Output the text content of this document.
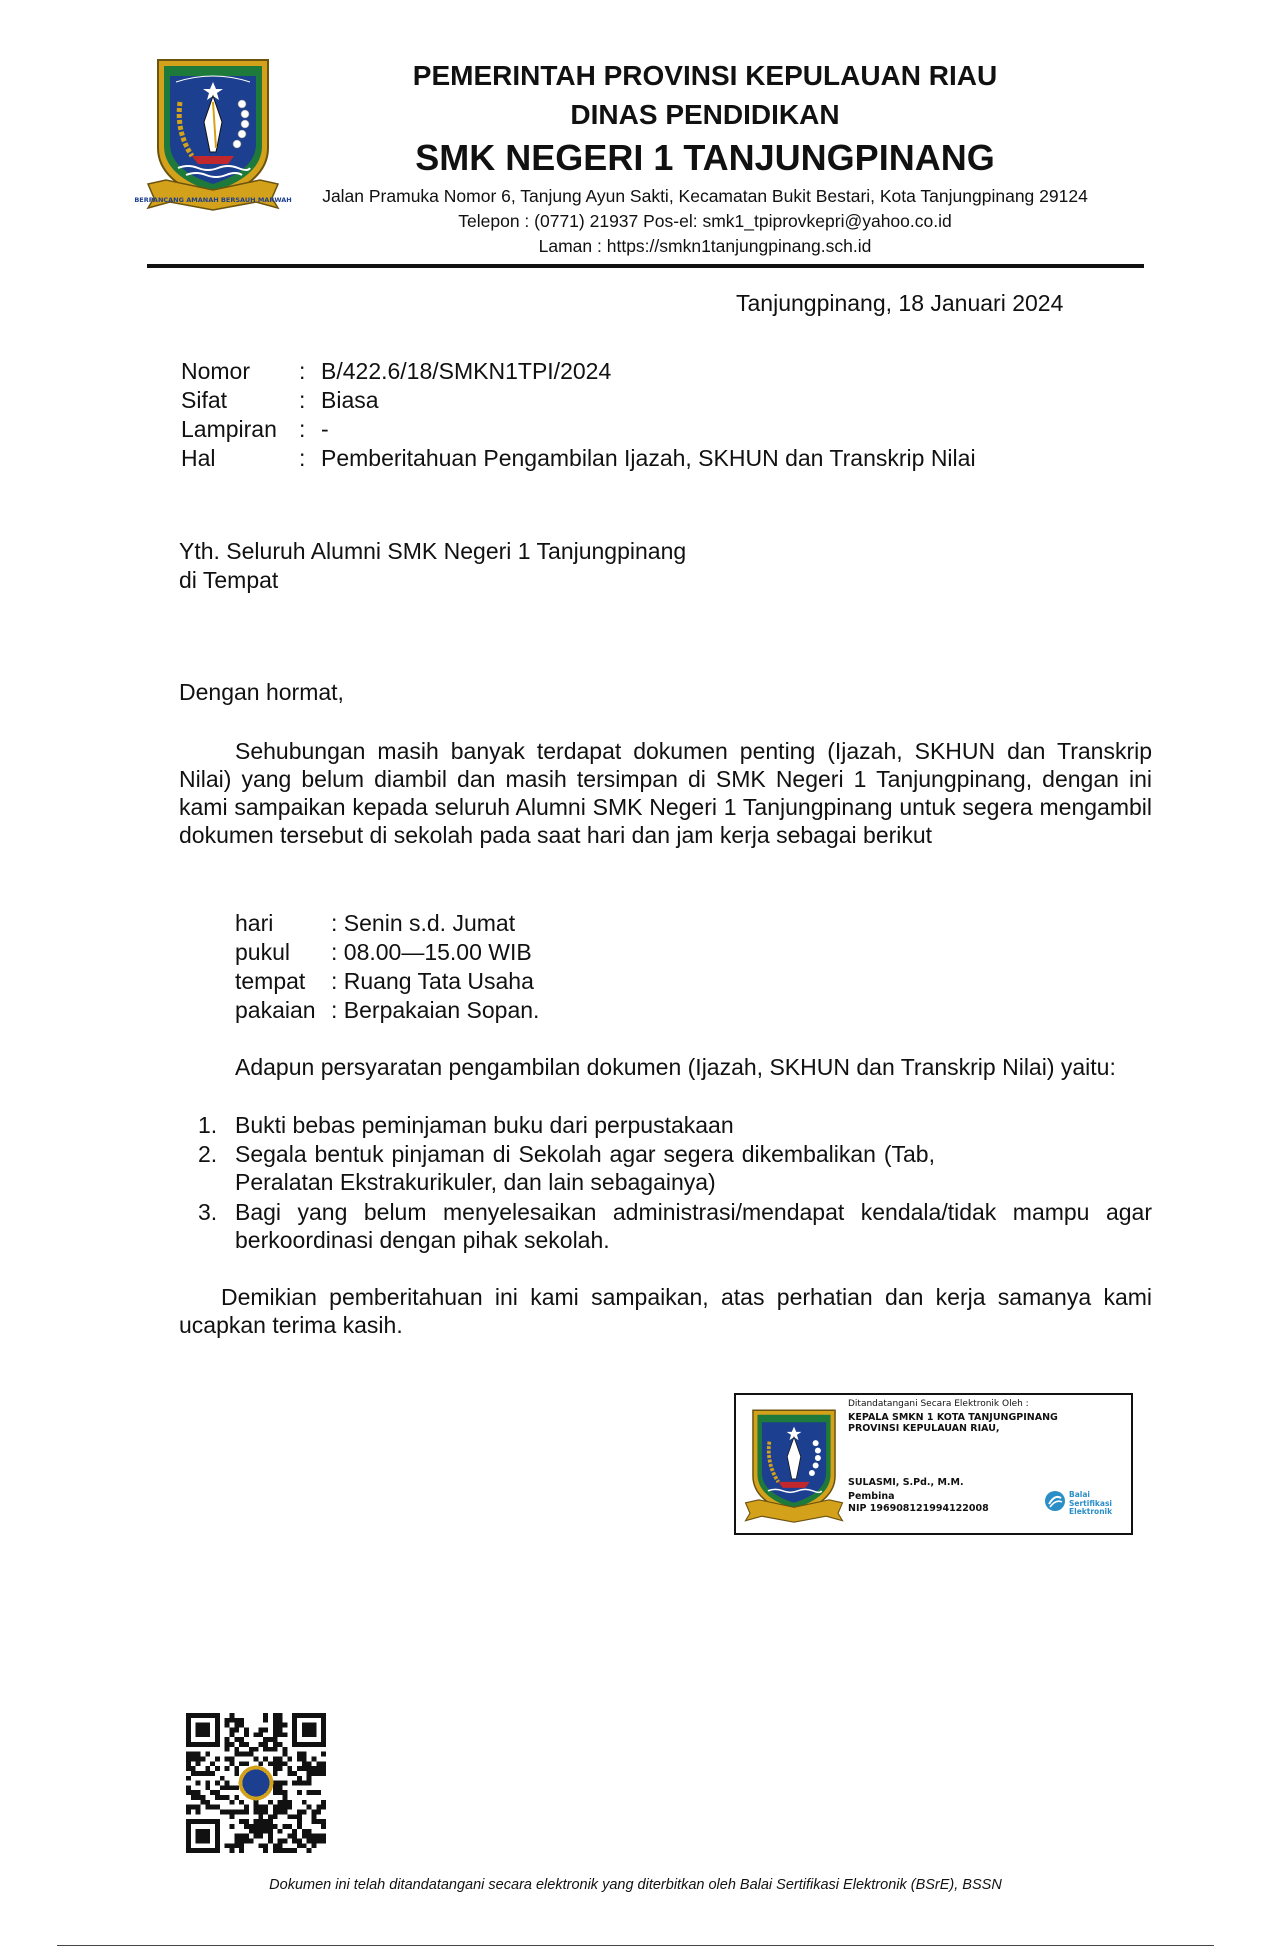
BERPANCANG AMANAH BERSAUH MARWAH
PEMERINTAH PROVINSI KEPULAUAN RIAU
DINAS PENDIDIKAN
SMK NEGERI 1 TANJUNGPINANG
Jalan Pramuka Nomor 6, Tanjung Ayun Sakti, Kecamatan Bukit Bestari, Kota Tanjungpinang 29124
Telepon : (0771) 21937 Pos-el: smk1_tpiprovkepri@yahoo.co.id
Laman : https://smkn1tanjungpinang.sch.id
Tanjungpinang, 18 Januari 2024
Nomor : B/422.6/18/SMKN1TPI/2024
Sifat	: Biasa
Lampiran : -
Hal	: Pemberitahuan Pengambilan Ijazah, SKHUN dan Transkrip Nilai
Yth. Seluruh Alumni SMK Negeri 1 Tanjungpinang
di Tempat
Dengan hormat,
Sehubungan masih banyak terdapat dokumen penting (Ijazah, SKHUN dan Transkrip Nilai) yang belum diambil dan masih tersimpan di SMK Negeri 1 Tanjungpinang, dengan ini kami sampaikan kepada seluruh Alumni SMK Negeri 1 Tanjungpinang untuk segera mengambil dokumen tersebut di sekolah pada saat hari dan jam kerja sebagai berikut
hari	: Senin s.d. Jumat
pukul : 08.00—15.00 WIB
tempat : Ruang Tata Usaha
pakaian : Berpakaian Sopan.
Adapun persyaratan pengambilan dokumen (Ijazah, SKHUN dan Transkrip Nilai) yaitu:
1. Bukti bebas peminjaman buku dari perpustakaan
2. Segala bentuk pinjaman di Sekolah agar segera dikembalikan (Tab, Peralatan Ekstrakurikuler, dan lain sebagainya)
3. Bagi yang belum menyelesaikan administrasi/mendapat kendala/tidak mampu agar berkoordinasi dengan pihak sekolah.
Demikian pemberitahuan ini kami sampaikan, atas perhatian dan kerja samanya kami ucapkan terima kasih.
Ditandatangani Secara Elektronik Oleh :
KEPALA SMKN 1 KOTA TANJUNGPINANG
PROVINSI KEPULAUAN RIAU,
SULASMI, S.Pd., M.M.
Pembina
NIP 196908121994122008
Balai
Sertifikasi
Elektronik
Dokumen ini telah ditandatangani secara elektronik yang diterbitkan oleh Balai Sertifikasi Elektronik (BSrE), BSSN
